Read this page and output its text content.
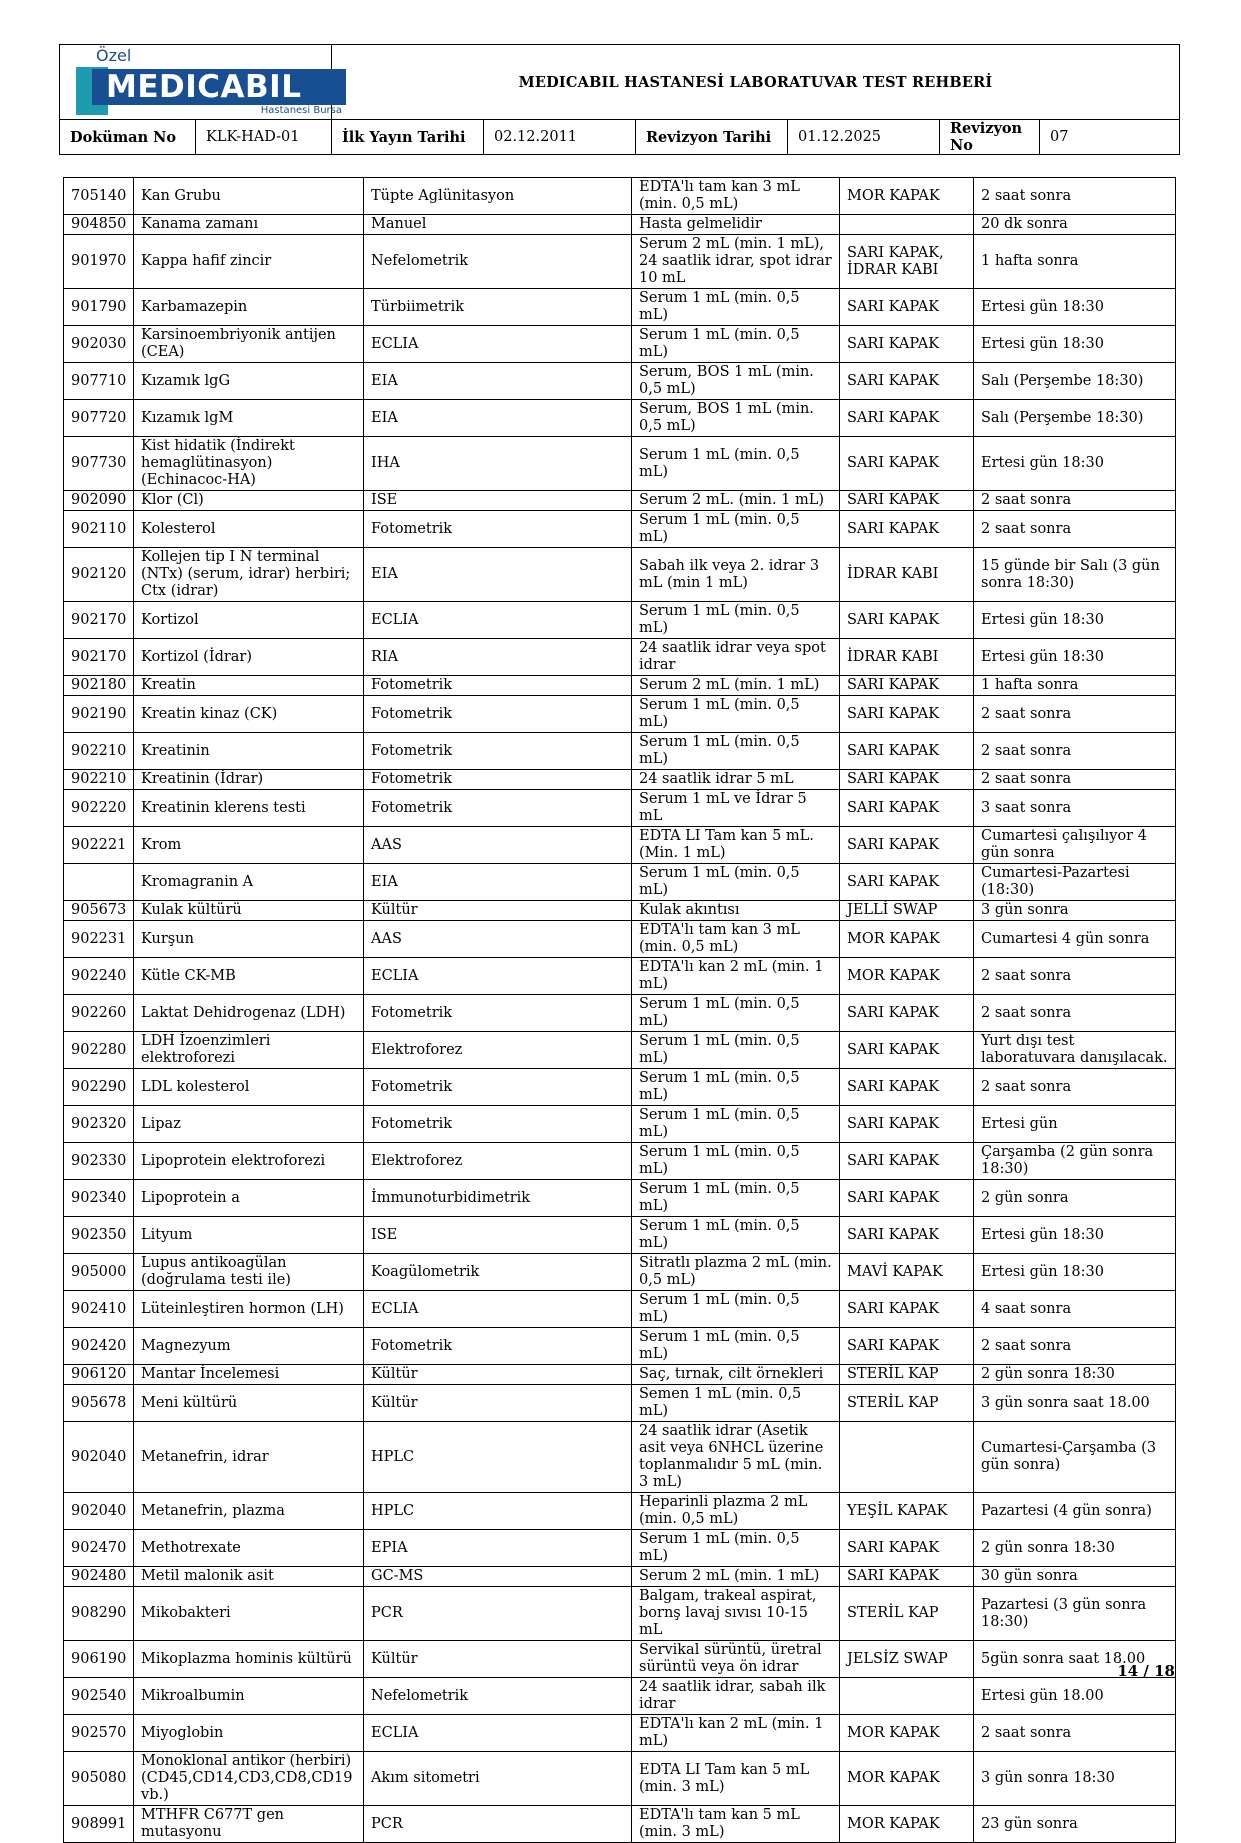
Özel
MEDICABIL
Hastanesi Bursa		MEDICABIL HASTANESİ LABORATUVAR TEST REHBERİ					
Doküman No	KLK-HAD-01	İlk Yayın Tarihi	02.12.2011	Revizyon Tarihi	01.12.2025	Revizyon No	07
705140	Kan Grubu	Tüpte Aglünitasyon	EDTA'lı tam kan 3 mL (min. 0,5 mL)	MOR KAPAK	2 saat sonra
904850	Kanama zamanı	Manuel	Hasta gelmelidir		20 dk sonra
901970	Kappa hafif zincir	Nefelometrik	Serum 2 mL (min. 1 mL), 24 saatlik idrar, spot idrar 10 mL	SARI KAPAK, İDRAR KABI	1 hafta sonra
901790	Karbamazepin	Türbiimetrik	Serum 1 mL (min. 0,5 mL)	SARI KAPAK	Ertesi gün 18:30
902030	Karsinoembriyonik antijen (CEA)	ECLIA	Serum 1 mL (min. 0,5 mL)	SARI KAPAK	Ertesi gün 18:30
907710	Kızamık lgG	EIA	Serum, BOS 1 mL (min. 0,5 mL)	SARI KAPAK	Salı (Perşembe 18:30)
907720	Kızamık lgM	EIA	Serum, BOS 1 mL (min. 0,5 mL)	SARI KAPAK	Salı (Perşembe 18:30)
907730	Kist hidatik (İndirekt hemaglütinasyon)(Echinacoc-HA)	IHA	Serum 1 mL (min. 0,5 mL)	SARI KAPAK	Ertesi gün 18:30
902090	Klor (Cl)	ISE	Serum 2 mL. (min. 1 mL)	SARI KAPAK	2 saat sonra
902110	Kolesterol	Fotometrik	Serum 1 mL (min. 0,5 mL)	SARI KAPAK	2 saat sonra
902120	Kollejen tip I N terminal (NTx) (serum, idrar) herbiri; Ctx (idrar)	EIA	Sabah ilk veya 2. idrar 3 mL (min 1 mL)	İDRAR KABI	15 günde bir Salı (3 gün sonra 18:30)
902170	Kortizol	ECLIA	Serum 1 mL (min. 0,5 mL)	SARI KAPAK	Ertesi gün 18:30
902170	Kortizol (İdrar)	RIA	24 saatlik idrar veya spot idrar	İDRAR KABI	Ertesi gün 18:30
902180	Kreatin	Fotometrik	Serum 2 mL (min. 1 mL)	SARI KAPAK	1 hafta sonra
902190	Kreatin kinaz (CK)	Fotometrik	Serum 1 mL (min. 0,5 mL)	SARI KAPAK	2 saat sonra
902210	Kreatinin	Fotometrik	Serum 1 mL (min. 0,5 mL)	SARI KAPAK	2 saat sonra
902210	Kreatinin (İdrar)	Fotometrik	24 saatlik idrar 5 mL	SARI KAPAK	2 saat sonra
902220	Kreatinin klerens testi	Fotometrik	Serum 1 mL ve İdrar 5 mL	SARI KAPAK	3 saat sonra
902221	Krom	AAS	EDTA LI Tam kan 5 mL. (Min. 1 mL)	SARI KAPAK	Cumartesi çalışılıyor 4 gün sonra
	Kromagranin A	EIA	Serum 1 mL (min. 0,5 mL)	SARI KAPAK	Cumartesi-Pazartesi (18:30)
905673	Kulak kültürü	Kültür	Kulak akıntısı	JELLİ SWAP	3 gün sonra
902231	Kurşun	AAS	EDTA'lı tam kan 3 mL (min. 0,5 mL)	MOR KAPAK	Cumartesi 4 gün sonra
902240	Kütle CK-MB	ECLIA	EDTA'lı kan 2 mL (min. 1 mL)	MOR KAPAK	2 saat sonra
902260	Laktat Dehidrogenaz (LDH)	Fotometrik	Serum 1 mL (min. 0,5 mL)	SARI KAPAK	2 saat sonra
902280	LDH İzoenzimleri elektroforezi	Elektroforez	Serum 1 mL (min. 0,5 mL)	SARI KAPAK	Yurt dışı test laboratuvara danışılacak.
902290	LDL kolesterol	Fotometrik	Serum 1 mL (min. 0,5 mL)	SARI KAPAK	2 saat sonra
902320	Lipaz	Fotometrik	Serum 1 mL (min. 0,5 mL)	SARI KAPAK	Ertesi gün
902330	Lipoprotein elektroforezi	Elektroforez	Serum 1 mL (min. 0,5 mL)	SARI KAPAK	Çarşamba (2 gün sonra 18:30)
902340	Lipoprotein a	İmmunoturbidimetrik	Serum 1 mL (min. 0,5 mL)	SARI KAPAK	2 gün sonra
902350	Lityum	ISE	Serum 1 mL (min. 0,5 mL)	SARI KAPAK	Ertesi gün 18:30
905000	Lupus antikoagülan (doğrulama testi ile)	Koagülometrik	Sitratlı plazma 2 mL (min. 0,5 mL)	MAVİ KAPAK	Ertesi gün 18:30
902410	Lüteinleştiren hormon (LH)	ECLIA	Serum 1 mL (min. 0,5 mL)	SARI KAPAK	4 saat sonra
902420	Magnezyum	Fotometrik	Serum 1 mL (min. 0,5 mL)	SARI KAPAK	2 saat sonra
906120	Mantar İncelemesi	Kültür	Saç, tırnak, cilt örnekleri	STERİL KAP	2 gün sonra 18:30
905678	Meni kültürü	Kültür	Semen 1 mL (min. 0,5 mL)	STERİL KAP	3 gün sonra saat 18.00
902040	Metanefrin, idrar	HPLC	24 saatlik idrar (Asetik asit veya 6NHCL üzerine toplanmalıdır 5 mL (min. 3 mL)		Cumartesi-Çarşamba (3 gün sonra)
902040	Metanefrin, plazma	HPLC	Heparinli plazma 2 mL (min. 0,5 mL)	YEŞİL KAPAK	Pazartesi (4 gün sonra)
902470	Methotrexate	EPIA	Serum 1 mL (min. 0,5 mL)	SARI KAPAK	2 gün sonra 18:30
902480	Metil malonik asit	GC-MS	Serum 2 mL (min. 1 mL)	SARI KAPAK	30 gün sonra
908290	Mikobakteri	PCR	Balgam, trakeal aspirat, bornş lavaj sıvısı 10-15 mL	STERİL KAP	Pazartesi (3 gün sonra 18:30)
906190	Mikoplazma hominis kültürü	Kültür	Servikal sürüntü, üretral sürüntü veya ön idrar	JELSİZ SWAP	5gün sonra saat 18.00
902540	Mikroalbumin	Nefelometrik	24 saatlik idrar, sabah ilk idrar		Ertesi gün 18.00
902570	Miyoglobin	ECLIA	EDTA'lı kan 2 mL (min. 1 mL)	MOR KAPAK	2 saat sonra
905080	Monoklonal antikor (herbiri) (CD45,CD14,CD3,CD8,CD19 vb.)	Akım sitometri	EDTA LI Tam kan 5 mL (min. 3 mL)	MOR KAPAK	3 gün sonra 18:30
908991	MTHFR C677T gen mutasyonu	PCR	EDTA'lı tam kan 5 mL (min. 3 mL)	MOR KAPAK	23 gün sonra
14 / 18
